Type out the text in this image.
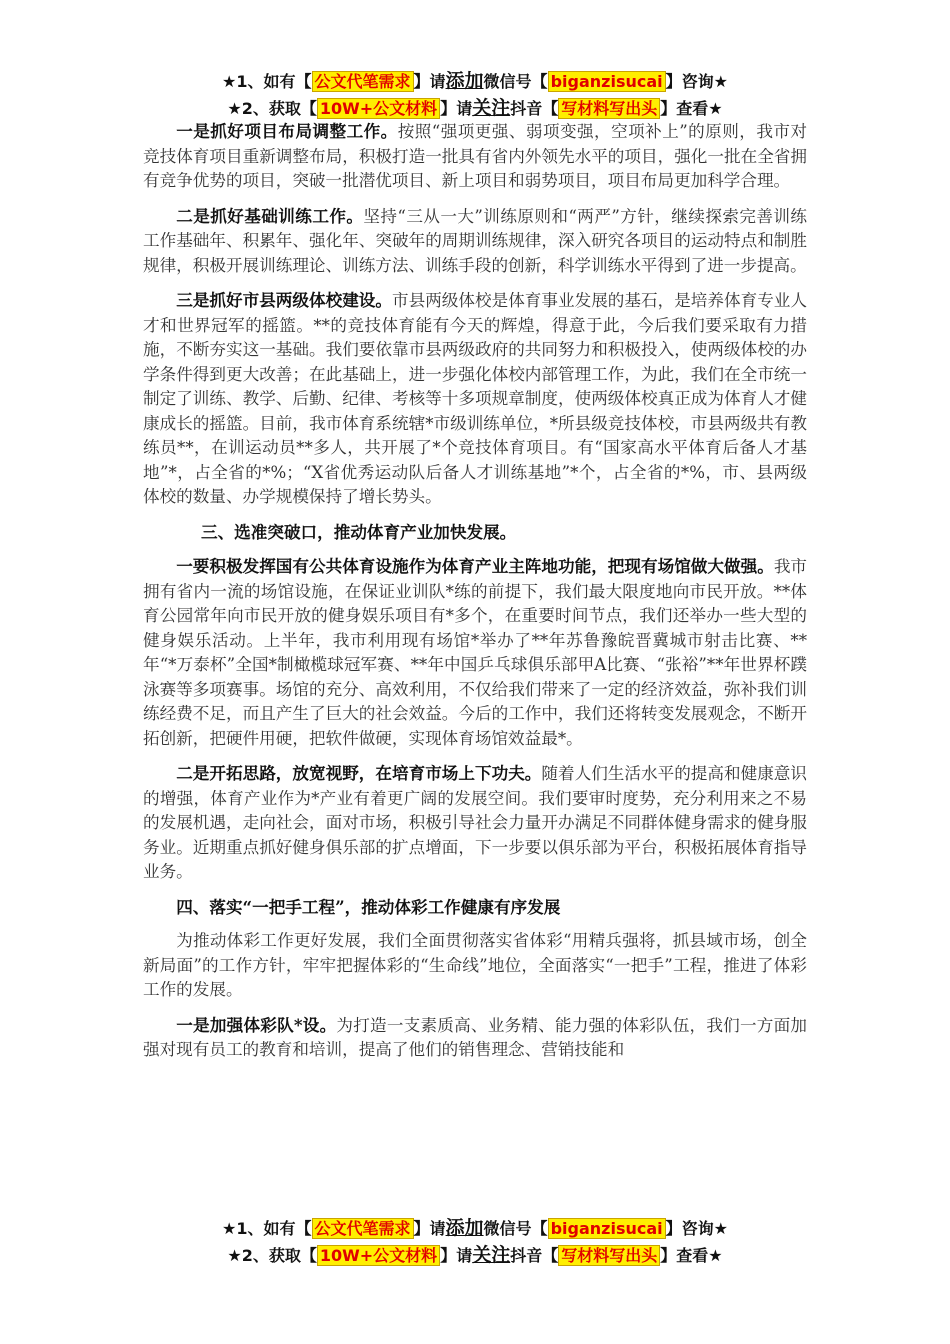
★1、如有【 公文代笔需求 】请添加微信号【 biganzisucai 】咨询★
★2、获取【 10W+公文材料 】请关注抖音【 写材料写出头 】查看★

一是抓好项目布局调整工作。按照“强项更强、弱项变强，空项补上”的原则，我市对竞技体育项目重新调整布局，积极打造一批具有省内外领先水平的项目，强化一批在全省拥有竞争优势的项目，突破一批潜优项目、新上项目和弱势项目，项目布局更加科学合理。

二是抓好基础训练工作。坚持“三从一大”训练原则和“两严”方针，继续探索完善训练工作基础年、积累年、强化年、突破年的周期训练规律，深入研究各项目的运动特点和制胜规律，积极开展训练理论、训练方法、训练手段的创新，科学训练水平得到了进一步提高。

三是抓好市县两级体校建设。市县两级体校是体育事业发展的基石，是培养体育专业人才和世界冠军的摇篮。**的竞技体育能有今天的辉煌，得意于此，今后我们要采取有力措施，不断夯实这一基础。我们要依靠市县两级政府的共同努力和积极投入，使两级体校的办学条件得到更大改善；在此基础上，进一步强化体校内部管理工作，为此，我们在全市统一制定了训练、教学、后勤、纪律、考核等十多项规章制度，使两级体校真正成为体育人才健康成长的摇篮。目前，我市体育系统辖*市级训练单位，*所县级竞技体校，市县两级共有教练员**，在训运动员**多人，共开展了*个竞技体育项目。有“国家高水平体育后备人才基地”*，占全省的*%；“X省优秀运动队后备人才训练基地”*个，占全省的*%，市、县两级体校的数量、办学规模保持了增长势头。

三、选准突破口，推动体育产业加快发展。

一要积极发挥国有公共体育设施作为体育产业主阵地功能，把现有场馆做大做强。我市拥有省内一流的场馆设施，在保证业训队*练的前提下，我们最大限度地向市民开放。**体育公园常年向市民开放的健身娱乐项目有*多个，在重要时间节点，我们还举办一些大型的健身娱乐活动。上半年，我市利用现有场馆*举办了**年苏鲁豫皖晋冀城市射击比赛、**年“*万泰杯”全国*制橄榄球冠军赛、**年中国乒乓球俱乐部甲A比赛、“张裕”**年世界杯蹼泳赛等多项赛事。场馆的充分、高效利用，不仅给我们带来了一定的经济效益，弥补我们训练经费不足，而且产生了巨大的社会效益。今后的工作中，我们还将转变发展观念，不断开拓创新，把硬件用硬，把软件做硬，实现体育场馆效益最*。

二是开拓思路，放宽视野，在培育市场上下功夫。随着人们生活水平的提高和健康意识的增强，体育产业作为*产业有着更广阔的发展空间。我们要审时度势，充分利用来之不易的发展机遇，走向社会，面对市场，积极引导社会力量开办满足不同群体健身需求的健身服务业。近期重点抓好健身俱乐部的扩点增面，下一步要以俱乐部为平台，积极拓展体育指导业务。

四、落实“一把手工程”，推动体彩工作健康有序发展

为推动体彩工作更好发展，我们全面贯彻落实省体彩“用精兵强将，抓县域市场，创全新局面”的工作方针，牢牢把握体彩的“生命线”地位，全面落实“一把手”工程，推进了体彩工作的发展。

一是加强体彩队*设。为打造一支素质高、业务精、能力强的体彩队伍，我们一方面加强对现有员工的教育和培训，提高了他们的销售理念、营销技能和

★1、如有【 公文代笔需求 】请添加微信号【 biganzisucai 】咨询★
★2、获取【 10W+公文材料 】请关注抖音【 写材料写出头 】查看★
